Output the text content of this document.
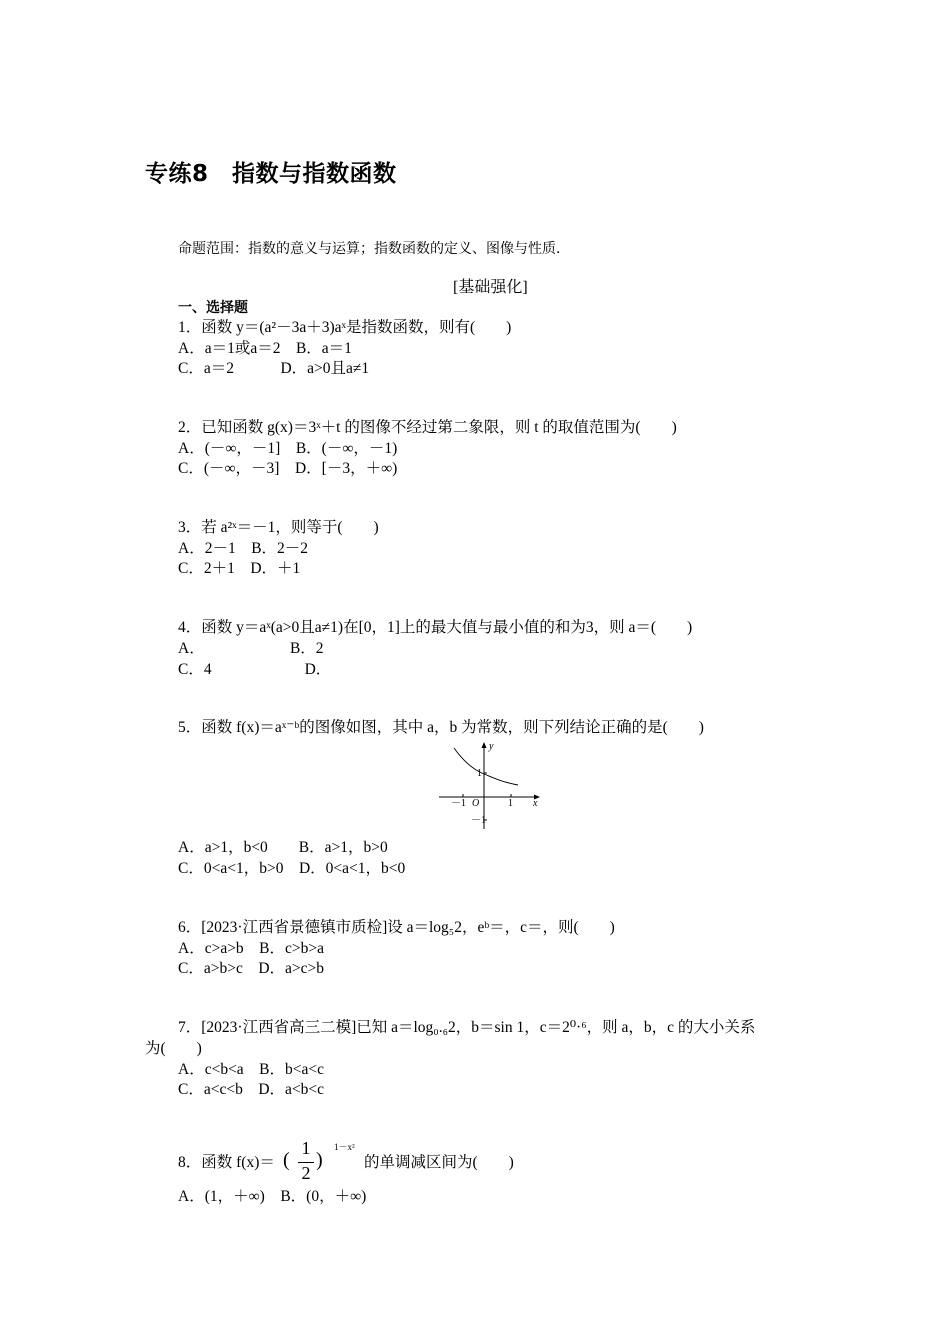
专练8　指数与指数函数
命题范围：指数的意义与运算；指数函数的定义、图像与性质．
[基础强化]
一、选择题
1．函数 y＝(a²－3a＋3)aˣ是指数函数，则有(　　)
A．a＝1或a＝2　B．a＝1
C．a＝2　　　D．a>0且a≠1
2．已知函数 g(x)＝3ˣ＋t 的图像不经过第二象限，则 t 的取值范围为(　　)
A．(－∞，－1]　B．(－∞，－1)
C．(－∞，－3]　D．[－3，＋∞)
3．若 a²ˣ＝－1，则等于(　　)
A．2－1　B．2－2
C．2＋1　D．＋1
4．函数 y＝aˣ(a>0且a≠1)在[0，1]上的最大值与最小值的和为3，则 a＝(　　)
A．　　　　　　B．2
C．4　　　　　　D．
5．函数 f(x)＝aˣ⁻ᵇ的图像如图，其中 a，b 为常数，则下列结论正确的是(　　)
x
y
O
－1	1
1
－1
A．a>1，b<0　　B．a>1，b>0
C．0<a<1，b>0　D．0<a<1，b<0
6．[2023·江西省景德镇市质检]设 a＝log₅2，eᵇ＝，c＝，则(　　)
A．c>a>b　B．c>b>a
C．a>b>c　D．a>c>b
7．[2023·江西省高三二模]已知 a＝log₀.₆2，b＝sin 1，c＝2⁰·⁶，则 a，b，c 的大小关系
为(　　)
A．c<b<a　B．b<a<c
C．a<c<b　D．a<b<c
8．函数 f(x)＝ (
1
2
)
1－x²
的单调减区间为(　　)
A．(1，＋∞)　B．(0，＋∞)
